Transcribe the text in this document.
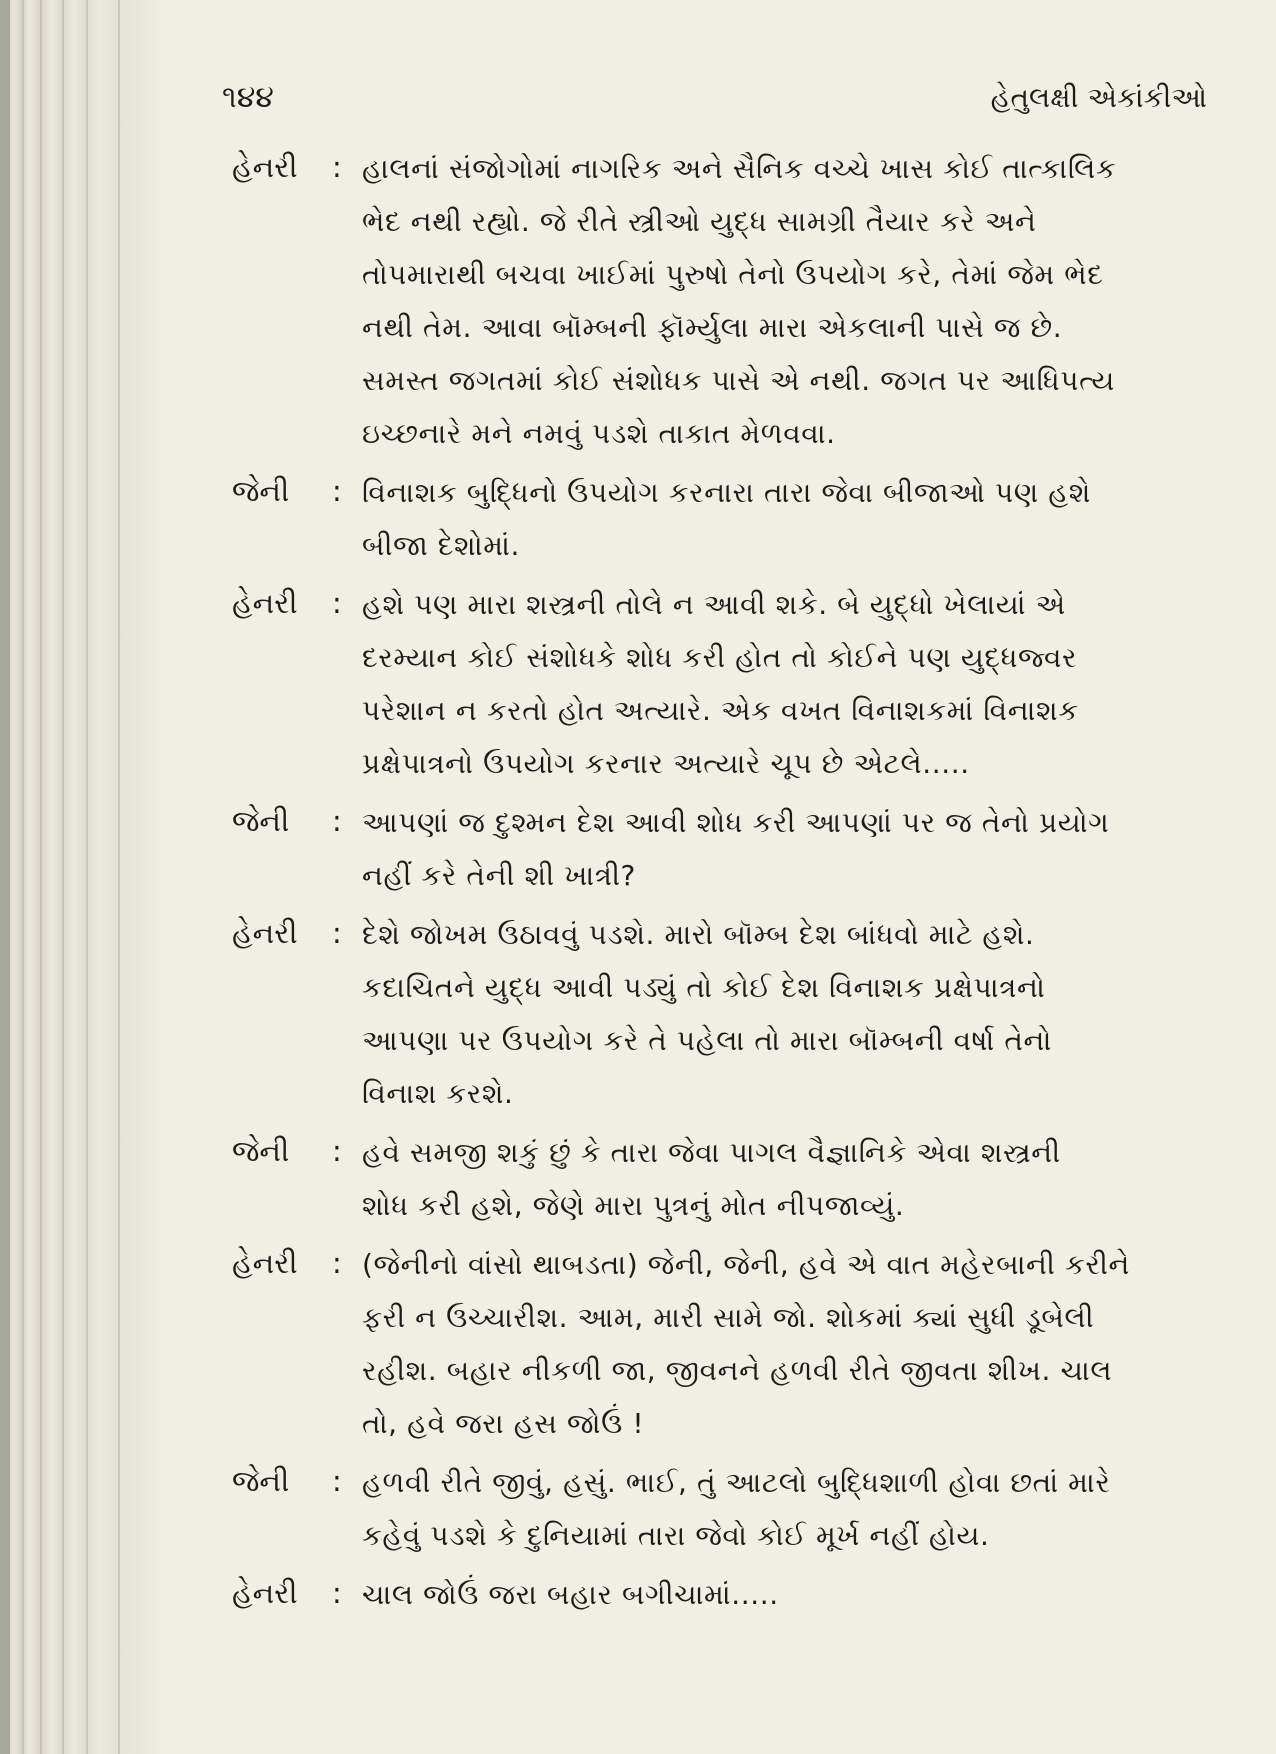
૧૪૪	હેતુલક્ષી એકાંકીઓ
હેનરી	: હાલનાં સંજોગોમાં નાગરિક અને સૈનિક વચ્ચે ખાસ કોઈ તાત્કાલિક
ભેદ નથી રહ્યો. જે રીતે સ્ત્રીઓ યુદ્ધ સામગ્રી તૈયાર કરે અને
તોપમારાથી બચવા ખાઈમાં પુરુષો તેનો ઉપયોગ કરે, તેમાં જેમ ભેદ
નથી તેમ. આવા બૉમ્બની ફૉર્મ્યુલા મારા એકલાની પાસે જ છે.
સમસ્ત જગતમાં કોઈ સંશોધક પાસે એ નથી. જગત પર આધિપત્ય
ઇચ્છનારે મને નમવું પડશે તાકાત મેળવવા.
જેની	: વિનાશક બુદ્ધિનો ઉપયોગ કરનારા તારા જેવા બીજાઓ પણ હશે
બીજા દેશોમાં.
હેનરી	: હશે પણ મારા શસ્ત્રની તોલે ન આવી શકે. બે યુદ્ધો ખેલાયાં એ
દરમ્યાન કોઈ સંશોધકે શોધ કરી હોત તો કોઈને પણ યુદ્ધજ્વર
પરેશાન ન કરતો હોત અત્યારે. એક વખત વિનાશકમાં વિનાશક
પ્રક્ષેપાત્રનો ઉપયોગ કરનાર અત્યારે ચૂપ છે એટલે.....
જેની	: આપણાં જ દુશ્મન દેશ આવી શોધ કરી આપણાં પર જ તેનો પ્રયોગ
નહીં કરે તેની શી ખાત્રી?
હેનરી	: દેશે જોખમ ઉઠાવવું પડશે. મારો બૉમ્બ દેશ બાંધવો માટે હશે.
કદાચિતને યુદ્ધ આવી પડ્યું તો કોઈ દેશ વિનાશક પ્રક્ષેપાત્રનો
આપણા પર ઉપયોગ કરે તે પહેલા તો મારા બૉમ્બની વર્ષા તેનો
વિનાશ કરશે.
જેની	: હવે સમજી શકું છું કે તારા જેવા પાગલ વૈજ્ઞાનિકે એવા શસ્ત્રની
શોધ કરી હશે, જેણે મારા પુત્રનું મોત નીપજાવ્યું.
હેનરી	: (જેનીનો વાંસો થાબડતા) જેની, જેની, હવે એ વાત મહેરબાની કરીને
ફરી ન ઉચ્ચારીશ. આમ, મારી સામે જો. શોકમાં ક્યાં સુધી ડૂબેલી
રહીશ. બહાર નીકળી જા, જીવનને હળવી રીતે જીવતા શીખ. ચાલ
તો, હવે જરા હસ જોઉં !
જેની	: હળવી રીતે જીવું, હસું. ભાઈ, તું આટલો બુદ્ધિશાળી હોવા છતાં મારે
કહેવું પડશે કે દુનિયામાં તારા જેવો કોઈ મૂર્ખ નહીં હોય.
હેનરી	: ચાલ જોઉં જરા બહાર બગીચામાં.....
